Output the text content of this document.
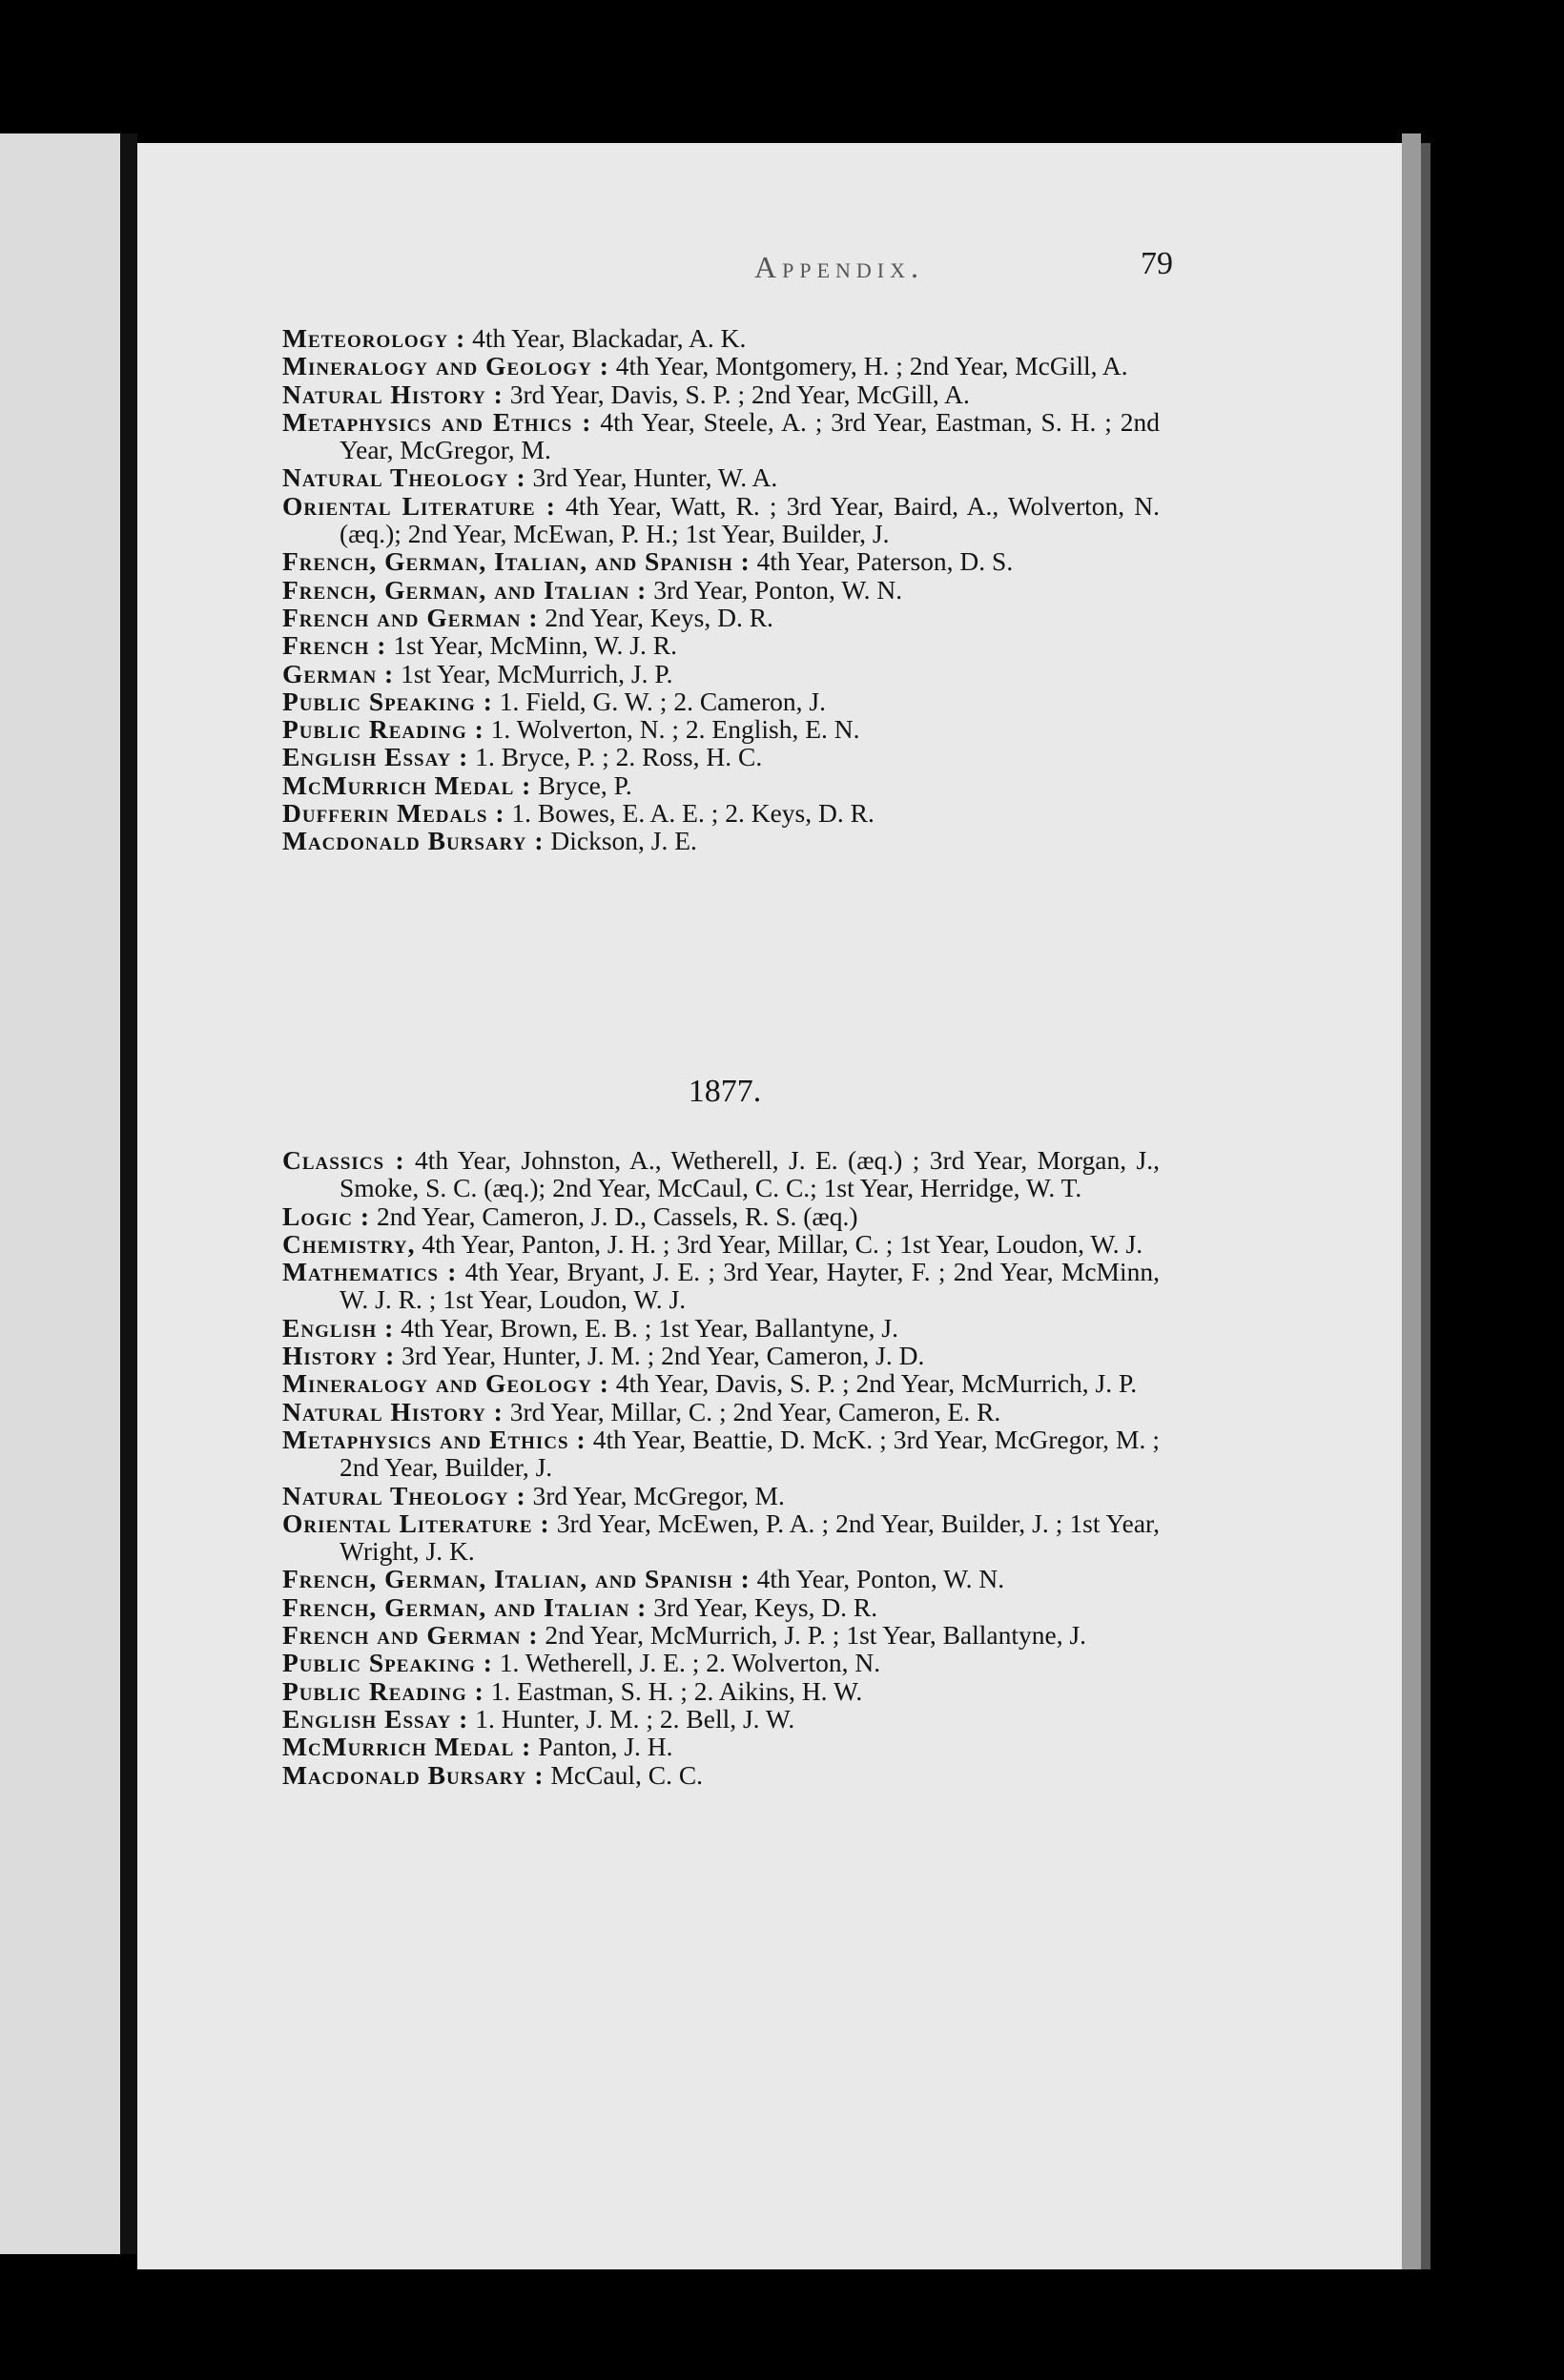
Appendix.	79
Meteorology : 4th Year, Blackadar, A. K.
Mineralogy and Geology : 4th Year, Montgomery, H. ; 2nd Year, McGill, A.
Natural History : 3rd Year, Davis, S. P. ; 2nd Year, McGill, A.
Metaphysics and Ethics : 4th Year, Steele, A. ; 3rd Year, Eastman, S. H. ; 2nd Year, McGregor, M.
Natural Theology : 3rd Year, Hunter, W. A.
Oriental Literature : 4th Year, Watt, R. ; 3rd Year, Baird, A., Wolverton, N. (æq.); 2nd Year, McEwan, P. H.; 1st Year, Builder, J.
French, German, Italian, and Spanish : 4th Year, Paterson, D. S.
French, German, and Italian : 3rd Year, Ponton, W. N.
French and German : 2nd Year, Keys, D. R.
French : 1st Year, McMinn, W. J. R.
German : 1st Year, McMurrich, J. P.
Public Speaking : 1. Field, G. W. ; 2. Cameron, J.
Public Reading : 1. Wolverton, N. ; 2. English, E. N.
English Essay : 1. Bryce, P. ; 2. Ross, H. C.
McMurrich Medal : Bryce, P.
Dufferin Medals : 1. Bowes, E. A. E. ; 2. Keys, D. R.
Macdonald Bursary : Dickson, J. E.
1877.
Classics : 4th Year, Johnston, A., Wetherell, J. E. (æq.) ; 3rd Year, Morgan, J., Smoke, S. C. (æq.); 2nd Year, McCaul, C. C.; 1st Year, Herridge, W. T.
Logic : 2nd Year, Cameron, J. D., Cassels, R. S. (æq.)
Chemistry, 4th Year, Panton, J. H. ; 3rd Year, Millar, C. ; 1st Year, Loudon, W. J.
Mathematics : 4th Year, Bryant, J. E. ; 3rd Year, Hayter, F. ; 2nd Year, McMinn, W. J. R. ; 1st Year, Loudon, W. J.
English : 4th Year, Brown, E. B. ; 1st Year, Ballantyne, J.
History : 3rd Year, Hunter, J. M. ; 2nd Year, Cameron, J. D.
Mineralogy and Geology : 4th Year, Davis, S. P. ; 2nd Year, McMurrich, J. P.
Natural History : 3rd Year, Millar, C. ; 2nd Year, Cameron, E. R.
Metaphysics and Ethics : 4th Year, Beattie, D. McK. ; 3rd Year, McGregor, M. ; 2nd Year, Builder, J.
Natural Theology : 3rd Year, McGregor, M.
Oriental Literature : 3rd Year, McEwen, P. A. ; 2nd Year, Builder, J. ; 1st Year, Wright, J. K.
French, German, Italian, and Spanish : 4th Year, Ponton, W. N.
French, German, and Italian : 3rd Year, Keys, D. R.
French and German : 2nd Year, McMurrich, J. P. ; 1st Year, Ballantyne, J.
Public Speaking : 1. Wetherell, J. E. ; 2. Wolverton, N.
Public Reading : 1. Eastman, S. H. ; 2. Aikins, H. W.
English Essay : 1. Hunter, J. M. ; 2. Bell, J. W.
McMurrich Medal : Panton, J. H.
Macdonald Bursary : McCaul, C. C.
